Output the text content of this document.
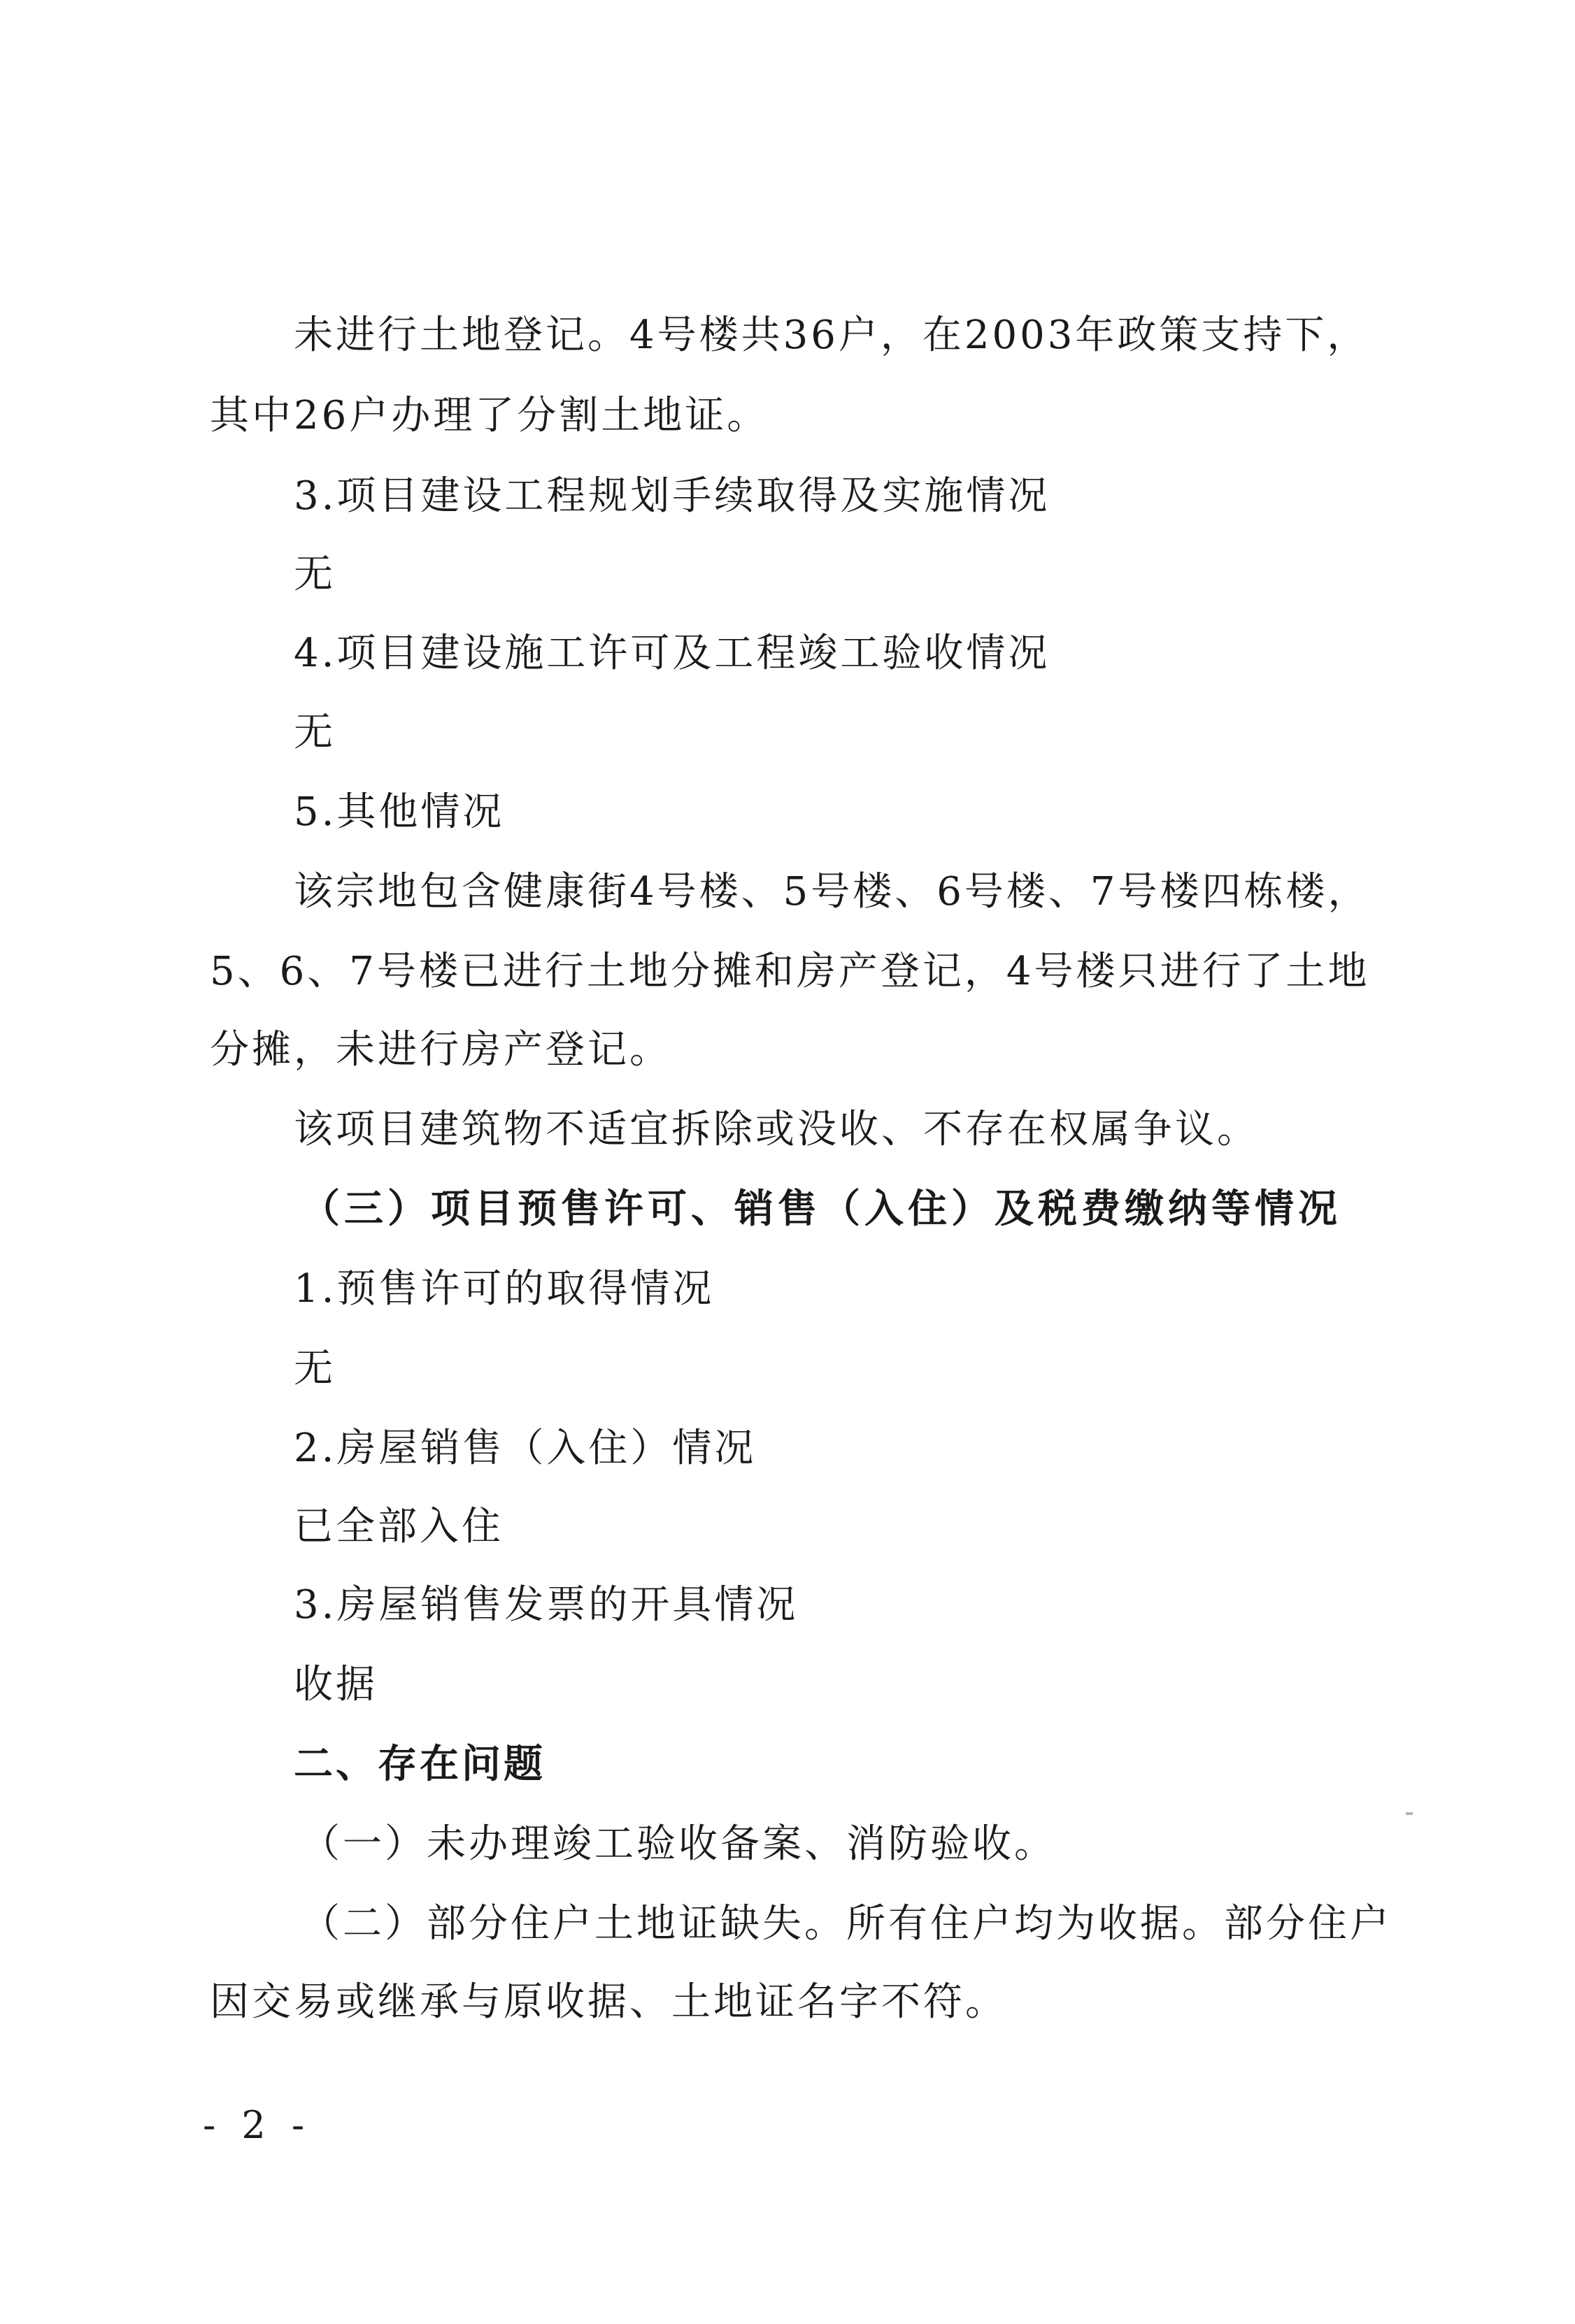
未进行土地登记。4号楼共36户，在2003年政策支持下，
其中26户办理了分割土地证。
3.项目建设工程规划手续取得及实施情况
无
4.项目建设施工许可及工程竣工验收情况
无
5.其他情况
该宗地包含健康街4号楼、5号楼、6号楼、7号楼四栋楼，
5、6、7号楼已进行土地分摊和房产登记，4号楼只进行了土地
分摊，未进行房产登记。
该项目建筑物不适宜拆除或没收、不存在权属争议。
（三）项目预售许可、销售（入住）及税费缴纳等情况
1.预售许可的取得情况
无
2.房屋销售（入住）情况
已全部入住
3.房屋销售发票的开具情况
收据
二、存在问题
（一）未办理竣工验收备案、消防验收。
（二）部分住户土地证缺失。所有住户均为收据。部分住户
因交易或继承与原收据、土地证名字不符。
- 2 -
